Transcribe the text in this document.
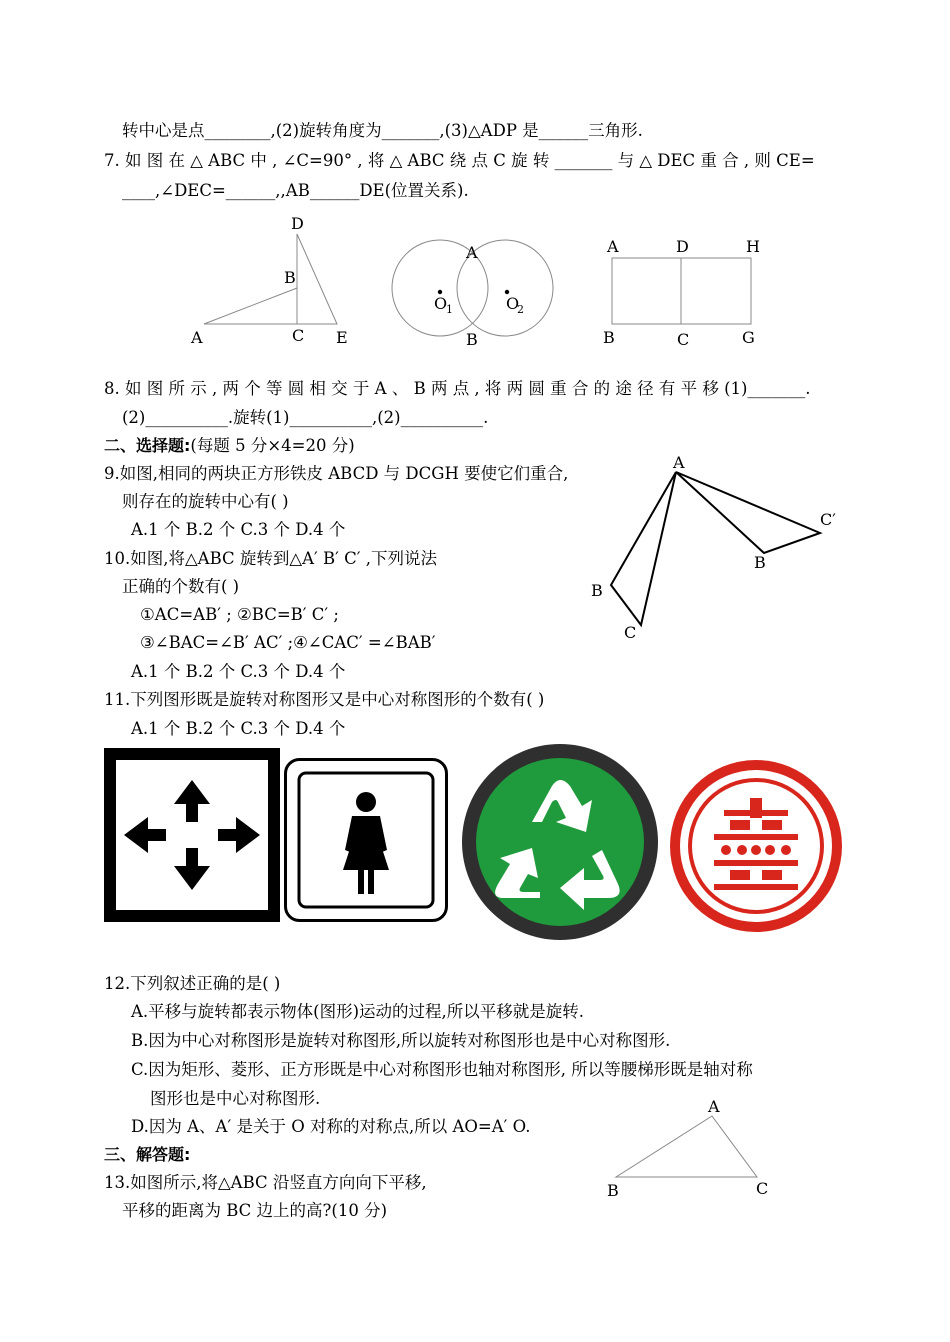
转中心是点________,(2)旋转角度为_______,(3)△ADP 是______三角形.
7. 如 图 在 △ ABC 中 , ∠C=90° , 将 △ ABC 绕 点 C 旋 转 _______ 与 △ DEC 重 合 , 则 CE=
____,∠DEC=______,,AB______DE(位置关系).
8. 如 图 所 示 , 两 个 等 圆 相 交 于 A 、 B 两 点 , 将 两 圆 重 合 的 途 径 有 平 移 (1)_______.
(2)__________.旋转(1)__________,(2)__________.
二、选择题:(每题 5 分×4=20 分)
9.如图,相同的两块正方形铁皮 ABCD 与 DCGH 要使它们重合,
则存在的旋转中心有( )
A.1 个 B.2 个 C.3 个 D.4 个
10.如图,将△ABC 旋转到△A′ B′ C′ ,下列说法
正确的个数有( )
①AC=AB′ ; ②BC=B′ C′ ;
③∠BAC=∠B′ AC′ ;④∠CAC′ =∠BAB′
A.1 个 B.2 个 C.3 个 D.4 个
11.下列图形既是旋转对称图形又是中心对称图形的个数有( )
A.1 个 B.2 个 C.3 个 D.4 个
12.下列叙述正确的是( )
A.平移与旋转都表示物体(图形)运动的过程,所以平移就是旋转.
B.因为中心对称图形是旋转对称图形,所以旋转对称图形也是中心对称图形.
C.因为矩形、菱形、正方形既是中心对称图形也轴对称图形, 所以等腰梯形既是轴对称
图形也是中心对称图形.
D.因为 A、A′ 是关于 O 对称的对称点,所以 AO=A′ O.
三、解答题:
13.如图所示,将△ABC 沿竖直方向向下平移,
平移的距离为 BC 边上的高?(10 分)
D
B
A	C E
A
B
O
1	O
2
A	D	H
B	C	G
A
C′
B
B
C
A
B	C
